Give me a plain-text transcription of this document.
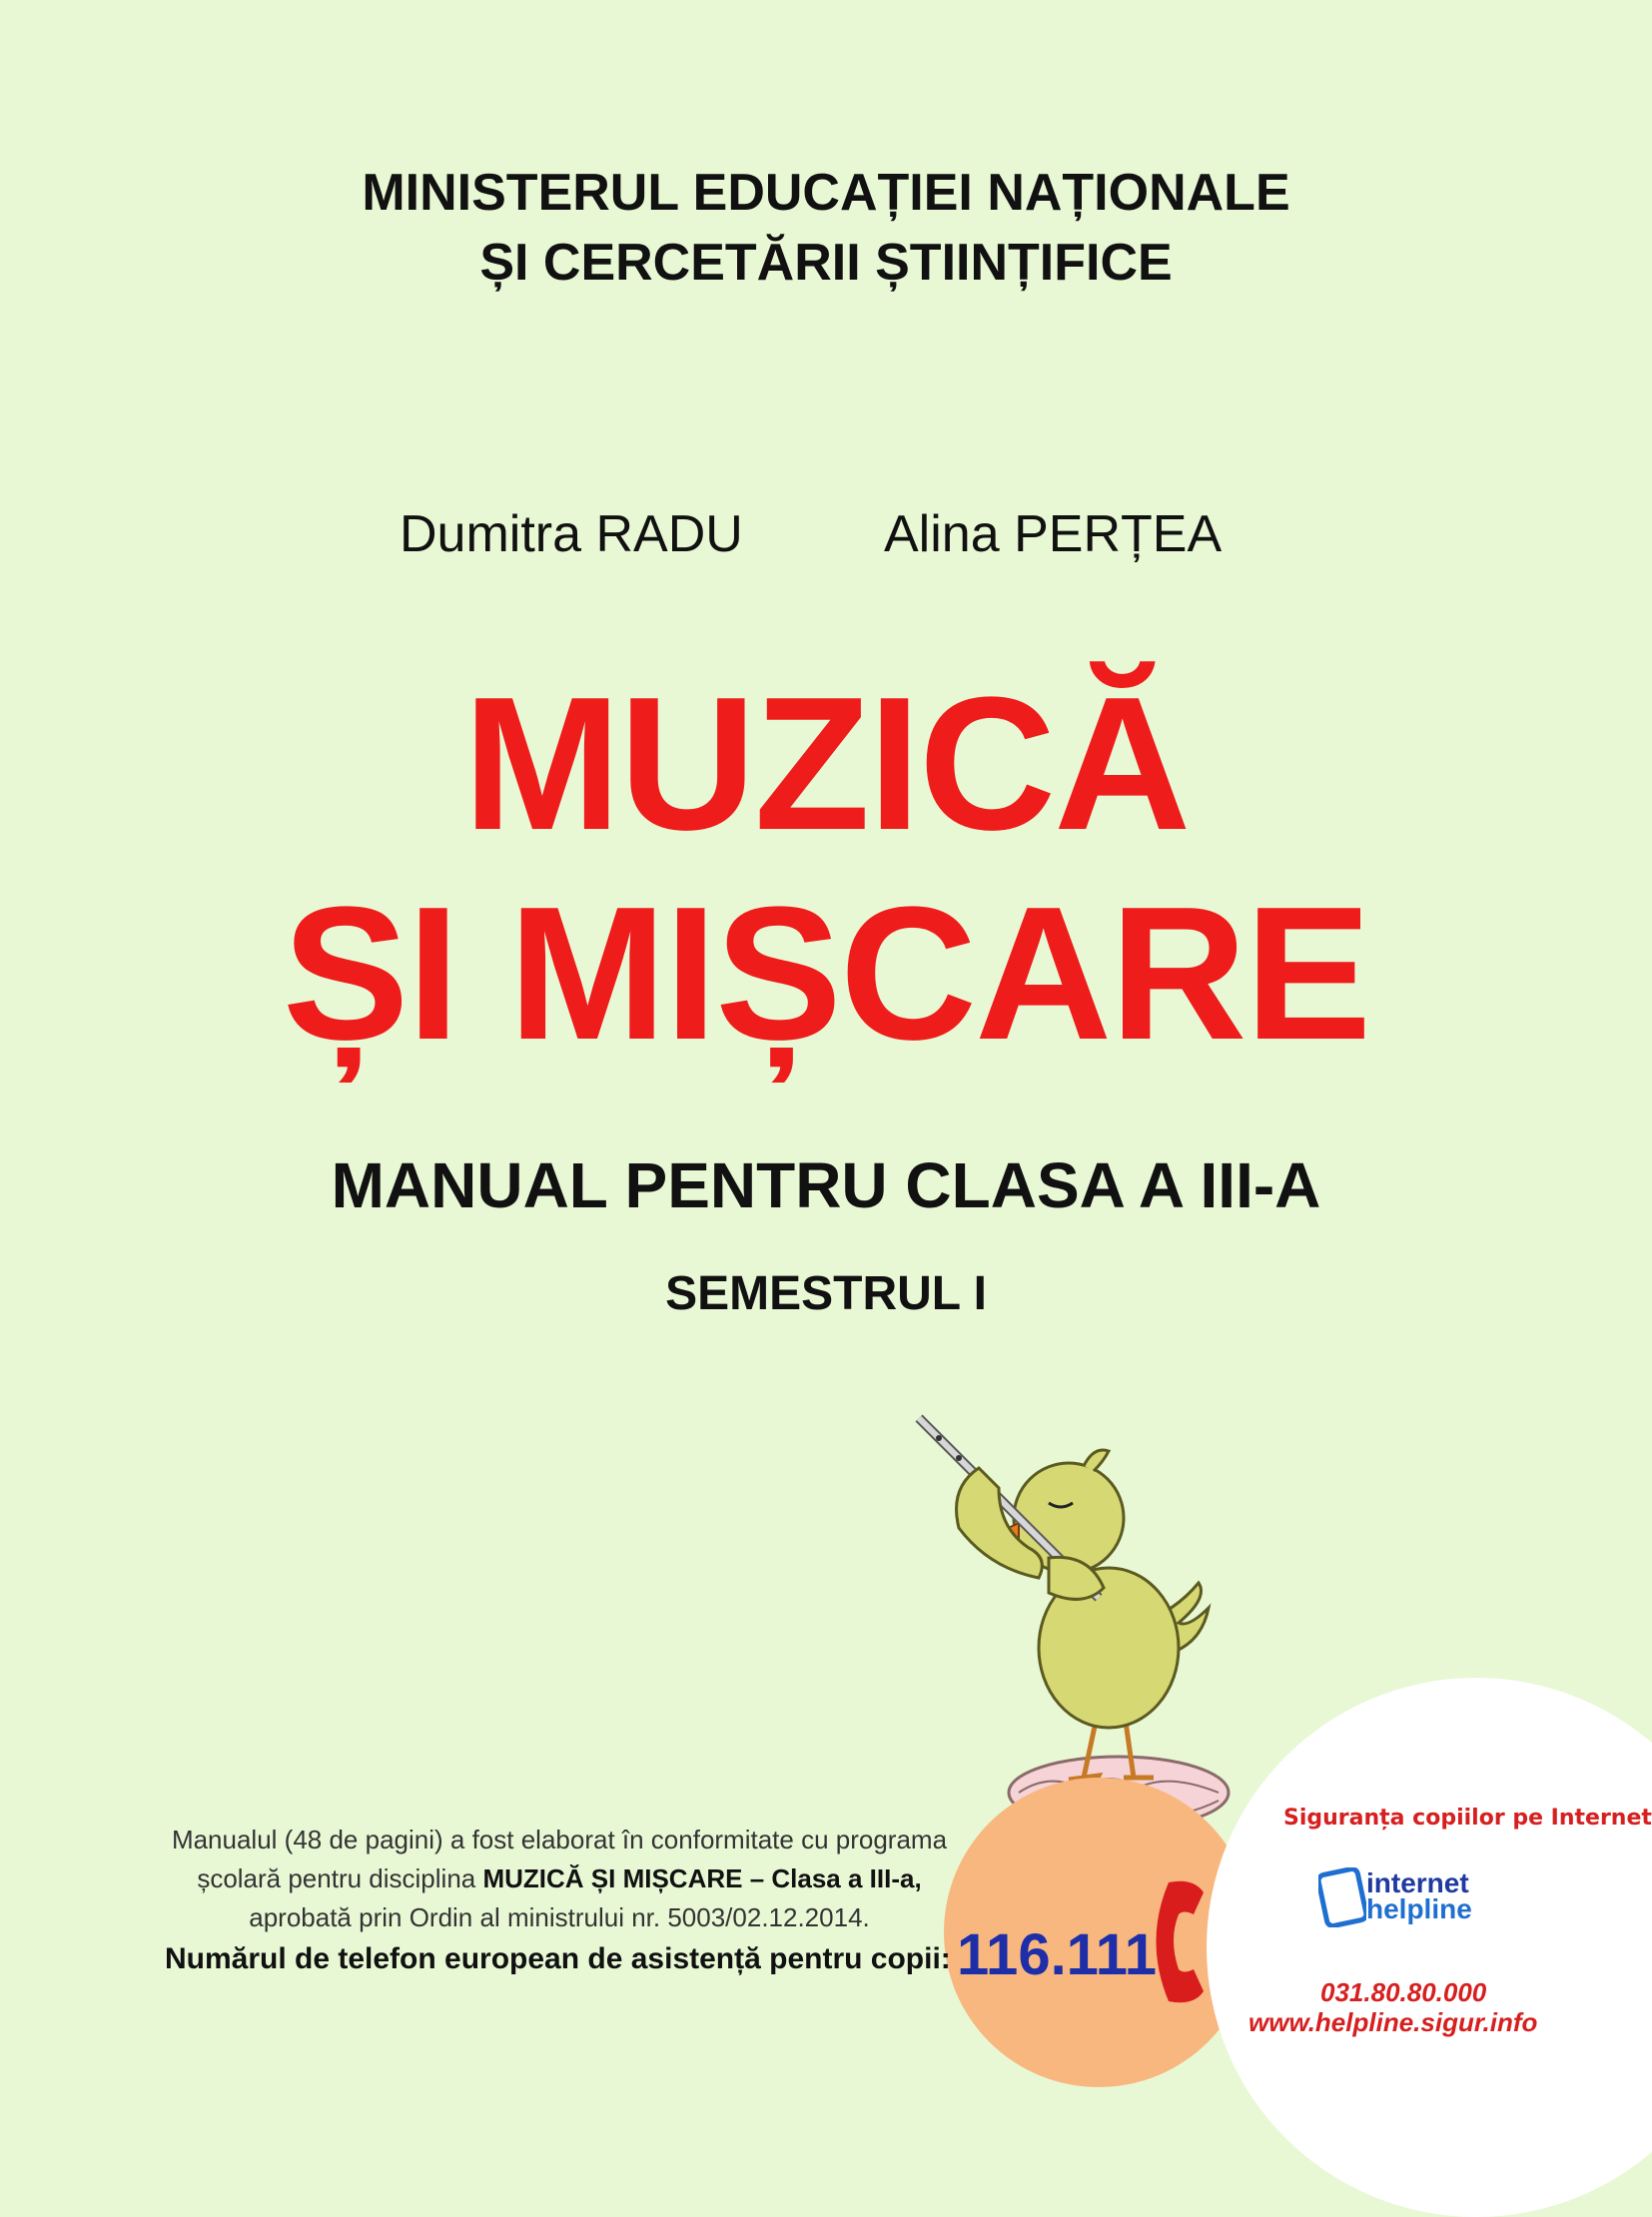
MINISTERUL EDUCAȚIEI NAȚIONALE
ȘI CERCETĂRII ȘTIINȚIFICE
Dumitra RADU	Alina PERȚEA
MUZICĂ
ȘI MIȘCARE
MANUAL PENTRU CLASA A III-A
SEMESTRUL I
Manualul (48 de pagini) a fost elaborat în conformitate cu programa
școlară pentru disciplina MUZICĂ ȘI MIȘCARE – Clasa a III-a,
aprobată prin Ordin al ministrului nr. 5003/02.12.2014.
Numărul de telefon european de asistență pentru copii: 116.111
Siguranța copiilor pe Internet
internet
helpline
031.80.80.000
www.helpline.sigur.info
